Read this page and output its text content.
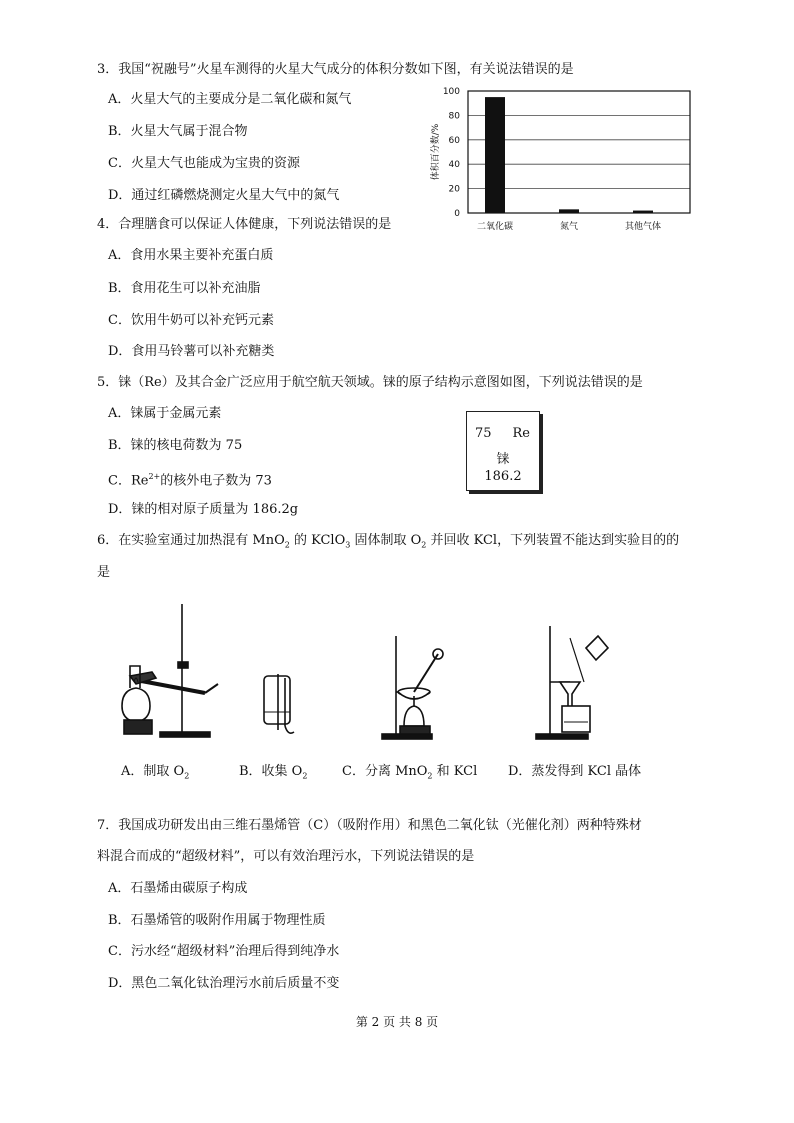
3．我国“祝融号”火星车测得的火星大气成分的体积分数如下图，有关说法错误的是
A．火星大气的主要成分是二氧化碳和氮气
B．火星大气属于混合物
C．火星大气也能成为宝贵的资源
D．通过红磷燃烧测定火星大气中的氮气
体积百分数/%
0
20
40
60
80
100
二氧化碳	氮气	其他气体
4．合理膳食可以保证人体健康，下列说法错误的是
A．食用水果主要补充蛋白质
B．食用花生可以补充油脂
C．饮用牛奶可以补充钙元素
D．食用马铃薯可以补充糖类
5．铼（Re）及其合金广泛应用于航空航天领域。铼的原子结构示意图如图，下列说法错误的是
A．铼属于金属元素
B．铼的核电荷数为 75
C．$Re^{2+}$的核外电子数为 73
D．铼的相对原子质量为 186.2g
75 Re
铼
186.2
6．在实验室通过加热混有 MnO$_2$ 的 KClO$_3$ 固体制取 $O_2$ 并回收 KCl，下列装置不能达到实验目的的
是
A．制取 $O_2$	B．收集 $O_2$	C．分离 MnO$_2$ 和 KCl D．蒸发得到 KCl 晶体
7．我国成功研发出由三维石墨烯管（C）（吸附作用）和黑色二氧化钛（光催化剂）两种特殊材
料混合而成的“超级材料”，可以有效治理污水，下列说法错误的是
A．石墨烯由碳原子构成
B．石墨烯管的吸附作用属于物理性质
C．污水经“超级材料”治理后得到纯净水
D．黑色二氧化钛治理污水前后质量不变
第 2 页 共 8 页
